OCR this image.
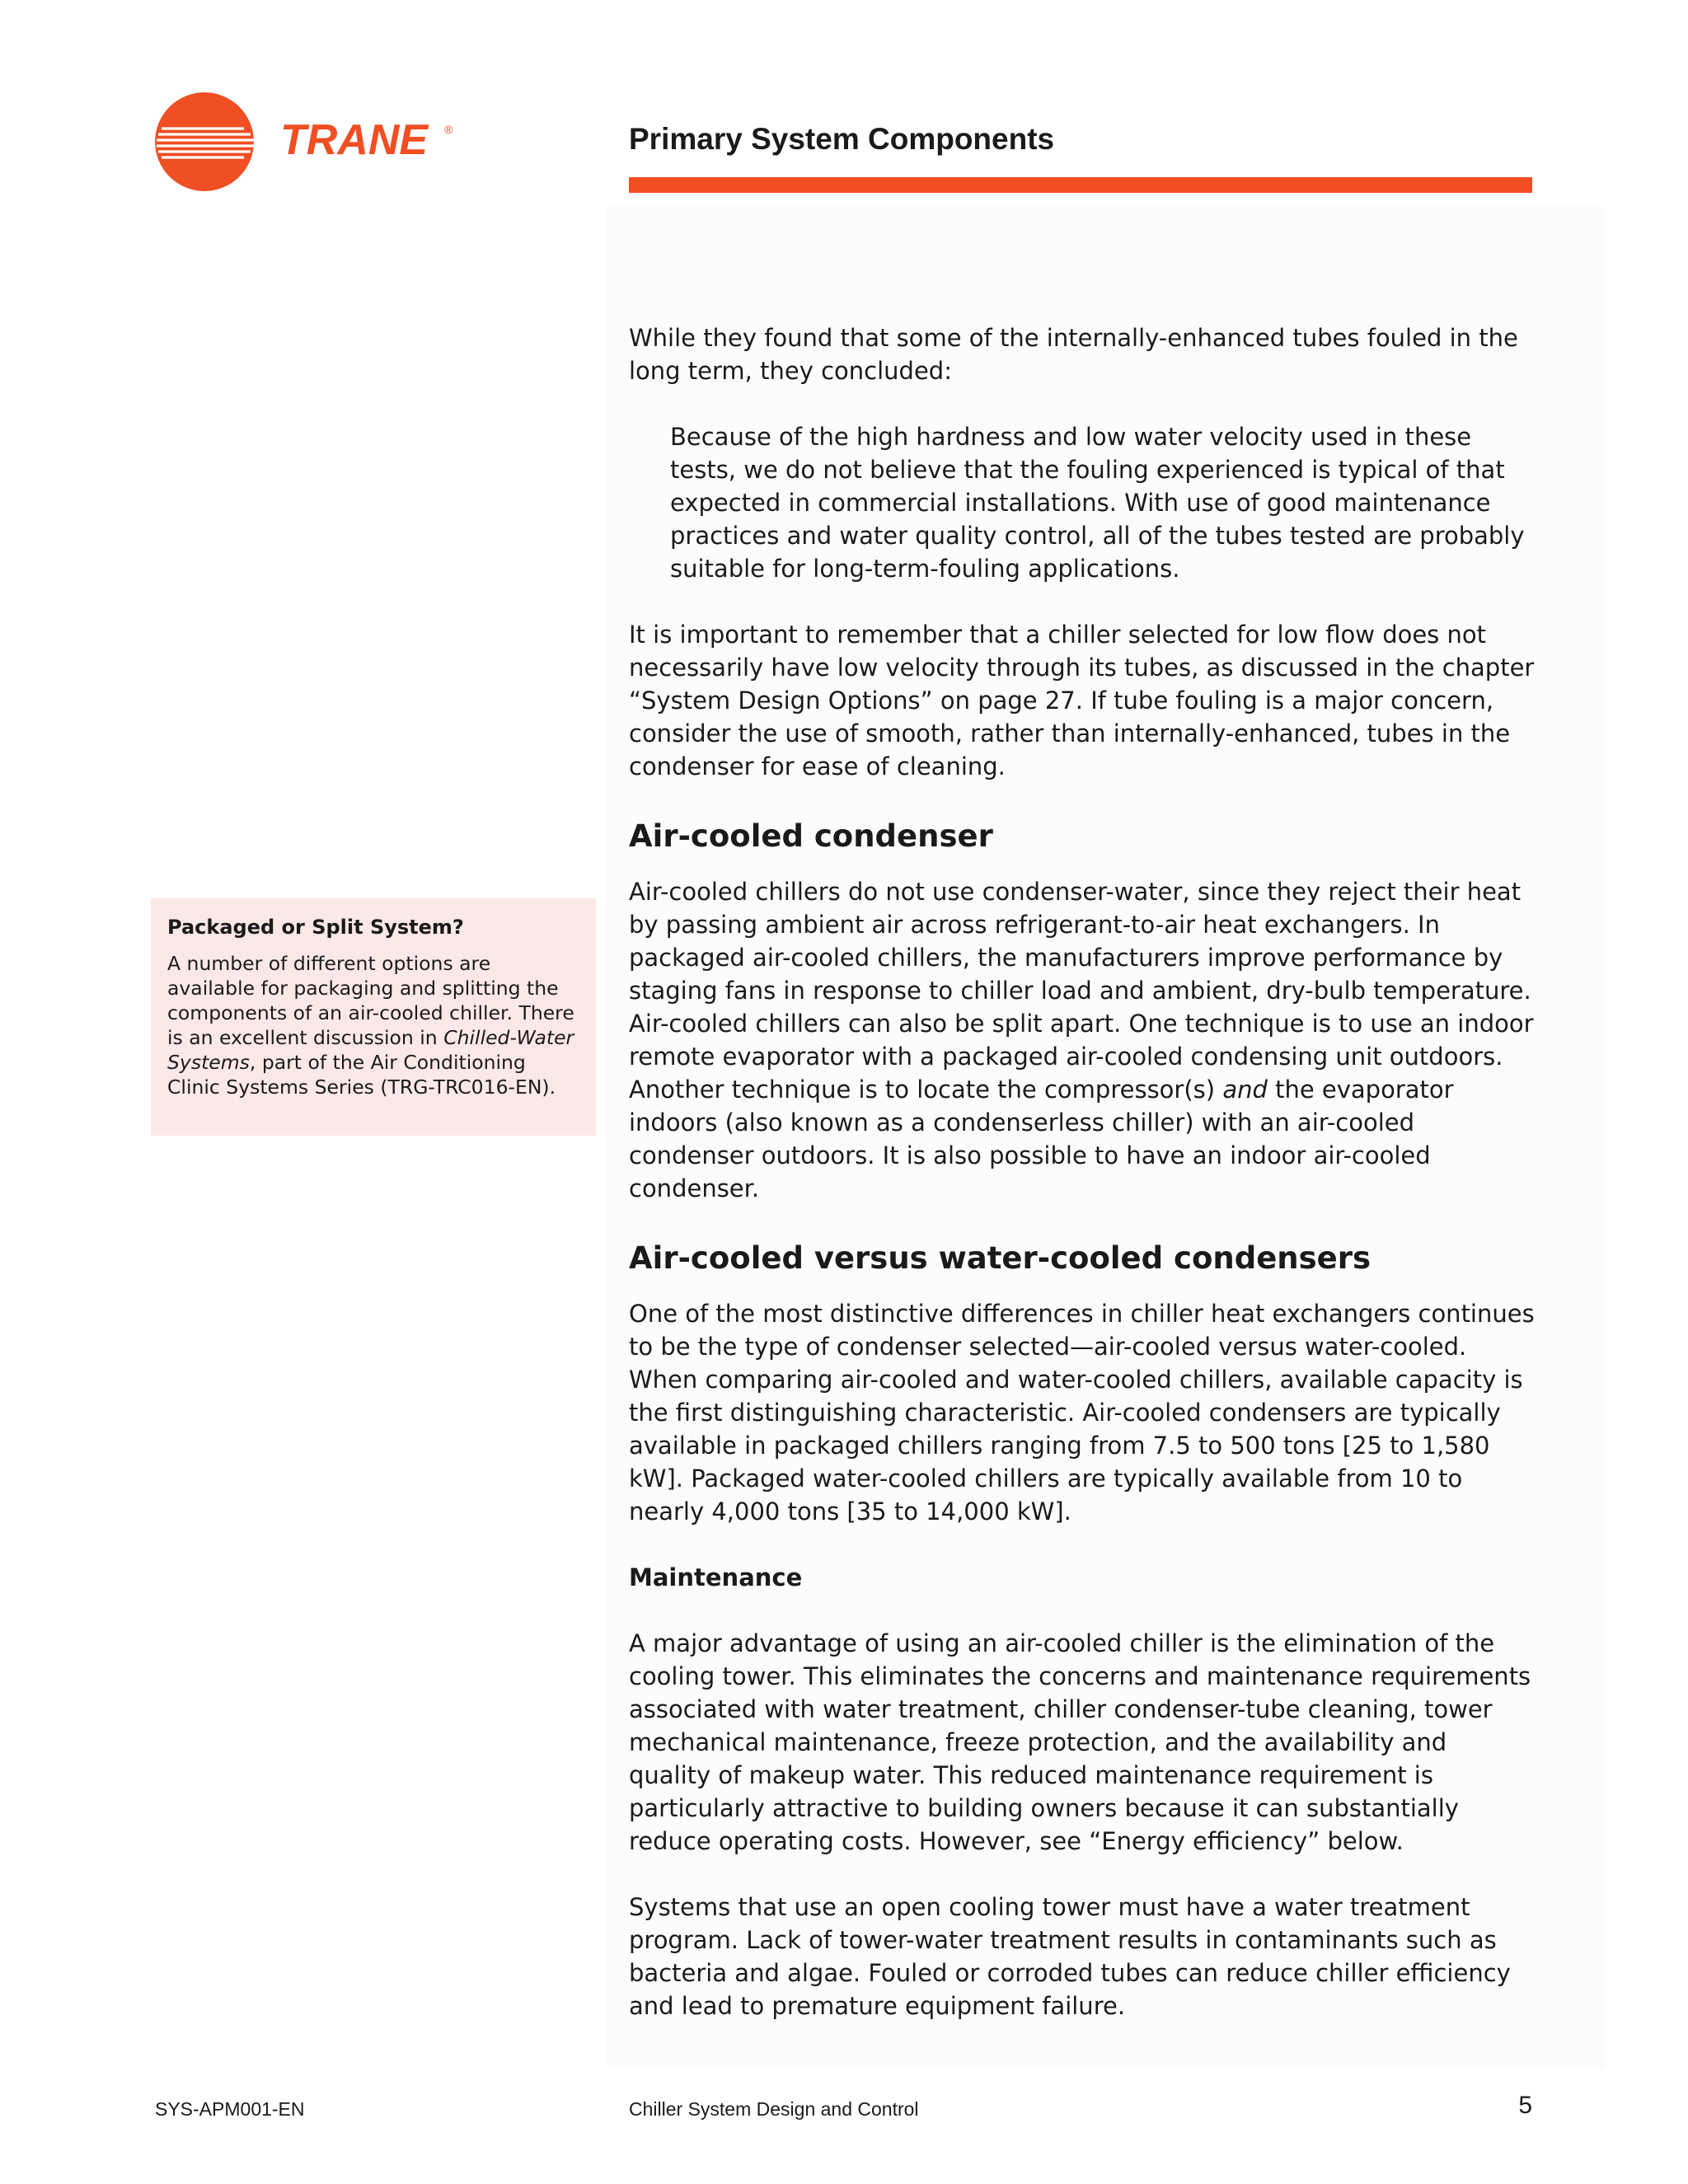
TRANE ®	Primary System Components
Packaged or Split System?
A number of different options are available for packaging and splitting the components of an air-cooled chiller. There is an excellent discussion in Chilled-Water Systems, part of the Air Conditioning Clinic Systems Series (TRG-TRC016-EN).

While they found that some of the internally-enhanced tubes fouled in the long term, they concluded:

Because of the high hardness and low water velocity used in these tests, we do not believe that the fouling experienced is typical of that expected in commercial installations. With use of good maintenance practices and water quality control, all of the tubes tested are probably suitable for long-term-fouling applications.

It is important to remember that a chiller selected for low flow does not necessarily have low velocity through its tubes, as discussed in the chapter “System Design Options” on page 27. If tube fouling is a major concern, consider the use of smooth, rather than internally-enhanced, tubes in the condenser for ease of cleaning.

Air-cooled condenser

Air-cooled chillers do not use condenser-water, since they reject their heat by passing ambient air across refrigerant-to-air heat exchangers. In packaged air-cooled chillers, the manufacturers improve performance by staging fans in response to chiller load and ambient, dry-bulb temperature. Air-cooled chillers can also be split apart. One technique is to use an indoor remote evaporator with a packaged air-cooled condensing unit outdoors. Another technique is to locate the compressor(s) and the evaporator indoors (also known as a condenserless chiller) with an air-cooled condenser outdoors. It is also possible to have an indoor air-cooled condenser.

Air-cooled versus water-cooled condensers

One of the most distinctive differences in chiller heat exchangers continues to be the type of condenser selected—air-cooled versus water-cooled. When comparing air-cooled and water-cooled chillers, available capacity is the first distinguishing characteristic. Air-cooled condensers are typically available in packaged chillers ranging from 7.5 to 500 tons [25 to 1,580 kW]. Packaged water-cooled chillers are typically available from 10 to nearly 4,000 tons [35 to 14,000 kW].

Maintenance

A major advantage of using an air-cooled chiller is the elimination of the cooling tower. This eliminates the concerns and maintenance requirements associated with water treatment, chiller condenser-tube cleaning, tower mechanical maintenance, freeze protection, and the availability and quality of makeup water. This reduced maintenance requirement is particularly attractive to building owners because it can substantially reduce operating costs. However, see “Energy efficiency” below.

Systems that use an open cooling tower must have a water treatment program. Lack of tower-water treatment results in contaminants such as bacteria and algae. Fouled or corroded tubes can reduce chiller efficiency and lead to premature equipment failure.

SYS-APM001-EN	Chiller System Design and Control	5
